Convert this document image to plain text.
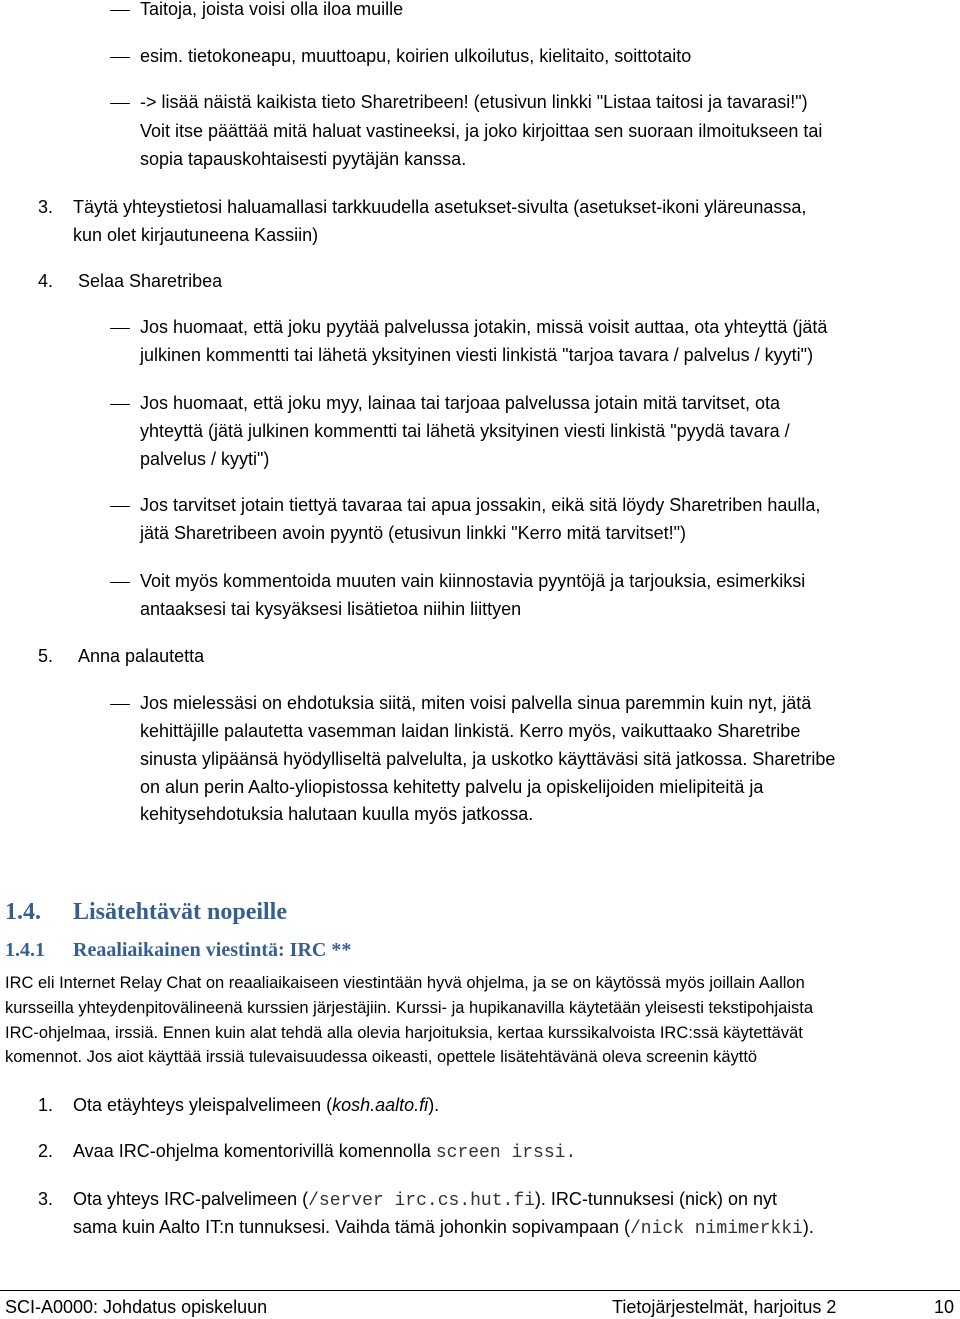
Taitoja, joista voisi olla iloa muille
esim. tietokoneapu, muuttoapu, koirien ulkoilutus, kielitaito, soittotaito
-> lisää näistä kaikista tieto Sharetribeen! (etusivun linkki "Listaa taitosi ja tavarasi!")
Voit itse päättää mitä haluat vastineeksi, ja joko kirjoittaa sen suoraan ilmoitukseen tai
sopia tapauskohtaisesti pyytäjän kanssa.
3. Täytä yhteystietosi haluamallasi tarkkuudella asetukset-sivulta (asetukset-ikoni yläreunassa,
kun olet kirjautuneena Kassiin)
4. Selaa Sharetribea
Jos huomaat, että joku pyytää palvelussa jotakin, missä voisit auttaa, ota yhteyttä (jätä
julkinen kommentti tai lähetä yksityinen viesti linkistä "tarjoa tavara / palvelus / kyyti")
Jos huomaat, että joku myy, lainaa tai tarjoaa palvelussa jotain mitä tarvitset, ota
yhteyttä (jätä julkinen kommentti tai lähetä yksityinen viesti linkistä "pyydä tavara /
palvelus / kyyti")
Jos tarvitset jotain tiettyä tavaraa tai apua jossakin, eikä sitä löydy Sharetriben haulla,
jätä Sharetribeen avoin pyyntö (etusivun linkki "Kerro mitä tarvitset!")
Voit myös kommentoida muuten vain kiinnostavia pyyntöjä ja tarjouksia, esimerkiksi
antaaksesi tai kysyäksesi lisätietoa niihin liittyen
5. Anna palautetta
Jos mielessäsi on ehdotuksia siitä, miten voisi palvella sinua paremmin kuin nyt, jätä
kehittäjille palautetta vasemman laidan linkistä. Kerro myös, vaikuttaako Sharetribe
sinusta ylipäänsä hyödylliseltä palvelulta, ja uskotko käyttäväsi sitä jatkossa. Sharetribe
on alun perin Aalto-yliopistossa kehitetty palvelu ja opiskelijoiden mielipiteitä ja
kehitysehdotuksia halutaan kuulla myös jatkossa.
1.4. Lisätehtävät nopeille
1.4.1 Reaaliaikainen viestintä: IRC **
IRC eli Internet Relay Chat on reaaliaikaiseen viestintään hyvä ohjelma, ja se on käytössä myös joillain Aallon
kursseilla yhteydenpitovälineenä kurssien järjestäjiin. Kurssi- ja hupikanavilla käytetään yleisesti tekstipohjaista
IRC-ohjelmaa, irssiä. Ennen kuin alat tehdä alla olevia harjoituksia, kertaa kurssikalvoista IRC:ssä käytettävät
komennot. Jos aiot käyttää irssiä tulevaisuudessa oikeasti, opettele lisätehtävänä oleva screenin käyttö
1. Ota etäyhteys yleispalvelimeen (kosh.aalto.fi).
2. Avaa IRC-ohjelma komentorivillä komennolla screen irssi.
3. Ota yhteys IRC-palvelimeen (/server irc.cs.hut.fi). IRC-tunnuksesi (nick) on nyt
sama kuin Aalto IT:n tunnuksesi. Vaihda tämä johonkin sopivampaan (/nick nimimerkki).
SCI-A0000: Johdatus opiskeluun	Tietojärjestelmät, harjoitus 2	10
